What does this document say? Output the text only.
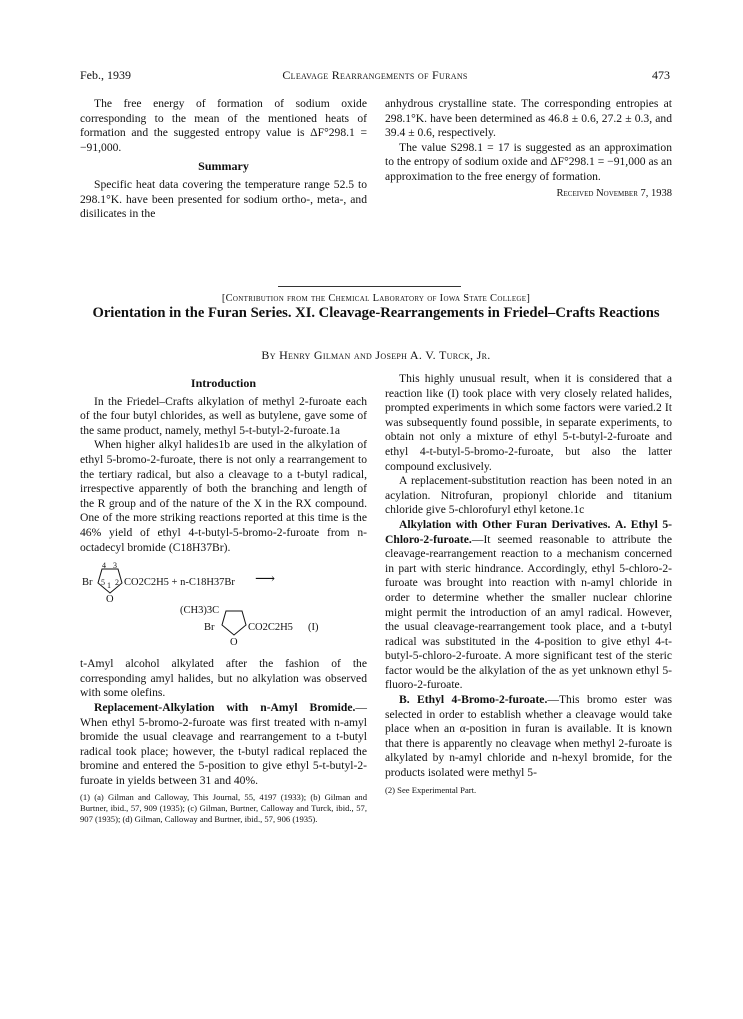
Feb., 1939	Cleavage Rearrangements of Furans	473

The free energy of formation of sodium oxide corresponding to the mean of the mentioned heats of formation and the suggested entropy value is ΔF°298.1 = −91,000.

Summary

Specific heat data covering the temperature range 52.5 to 298.1°K. have been presented for sodium ortho-, meta-, and disilicates in the

anhydrous crystalline state. The corresponding entropies at 298.1°K. have been determined as 46.8 ± 0.6, 27.2 ± 0.3, and 39.4 ± 0.6, respectively.

The value S298.1 = 17 is suggested as an approximation to the entropy of sodium oxide and ΔF°298.1 = −91,000 as an approximation to the free energy of formation.

Received November 7, 1938
[Contribution from the Chemical Laboratory of Iowa State College]
Orientation in the Furan Series. XI. Cleavage-Rearrangements in Friedel–Crafts Reactions
By Henry Gilman and Joseph A. V. Turck, Jr.
Introduction

In the Friedel–Crafts alkylation of methyl 2-furoate each of the four butyl chlorides, as well as butylene, gave some of the same product, namely, methyl 5-t-butyl-2-furoate.1a

When higher alkyl halides1b are used in the alkylation of ethyl 5-bromo-2-furoate, there is not only a rearrangement to the tertiary radical, but also a cleavage to a t-butyl radical, irrespective apparently of both the branching and length of the R group and of the nature of the X in the RX compound. One of the more striking reactions reported at this time is the 46% yield of ethyl 4-t-butyl-5-bromo-2-furoate from n-octadecyl bromide (C18H37Br).

4 3
5 1 2
Br	CO2C2H5 + n-C18H37Br ⟶
O
(CH3)3C
Br	CO2C2H5 (I)
O

t-Amyl alcohol alkylated after the fashion of the corresponding amyl halides, but no alkylation was observed with some olefins.

Replacement-Alkylation with n-Amyl Bromide.—When ethyl 5-bromo-2-furoate was first treated with n-amyl bromide the usual cleavage and rearrangement to a t-butyl radical took place; however, the t-butyl radical replaced the bromine and entered the 5-position to give ethyl 5-t-butyl-2-furoate in yields between 31 and 40%.

(1) (a) Gilman and Calloway, This Journal, 55, 4197 (1933); (b) Gilman and Burtner, ibid., 57, 909 (1935); (c) Gilman, Burtner, Calloway and Turck, ibid., 57, 907 (1935); (d) Gilman, Calloway and Burtner, ibid., 57, 906 (1935).

This highly unusual result, when it is considered that a reaction like (I) took place with very closely related halides, prompted experiments in which some factors were varied.2 It was subsequently found possible, in separate experiments, to obtain not only a mixture of ethyl 5-t-butyl-2-furoate and ethyl 4-t-butyl-5-bromo-2-furoate, but also the latter compound exclusively.

A replacement-substitution reaction has been noted in an acylation. Nitrofuran, propionyl chloride and titanium chloride give 5-chlorofuryl ethyl ketone.1c

Alkylation with Other Furan Derivatives. A. Ethyl 5-Chloro-2-furoate.—It seemed reasonable to attribute the cleavage-rearrangement reaction to a mechanism concerned in part with steric hindrance. Accordingly, ethyl 5-chloro-2-furoate was brought into reaction with n-amyl chloride in order to determine whether the smaller nuclear chlorine might permit the introduction of an amyl radical. However, the usual cleavage-rearrangement took place, and a t-butyl radical was substituted in the 4-position to give ethyl 4-t-butyl-5-chloro-2-furoate. A more significant test of the steric factor would be the alkylation of the as yet unknown ethyl 5-fluoro-2-furoate.

B. Ethyl 4-Bromo-2-furoate.—This bromo ester was selected in order to establish whether a cleavage would take place when an α-position in furan is available. It is known that there is apparently no cleavage when methyl 2-furoate is alkylated by n-amyl chloride and n-hexyl bromide, for the products isolated were methyl 5-

(2) See Experimental Part.
